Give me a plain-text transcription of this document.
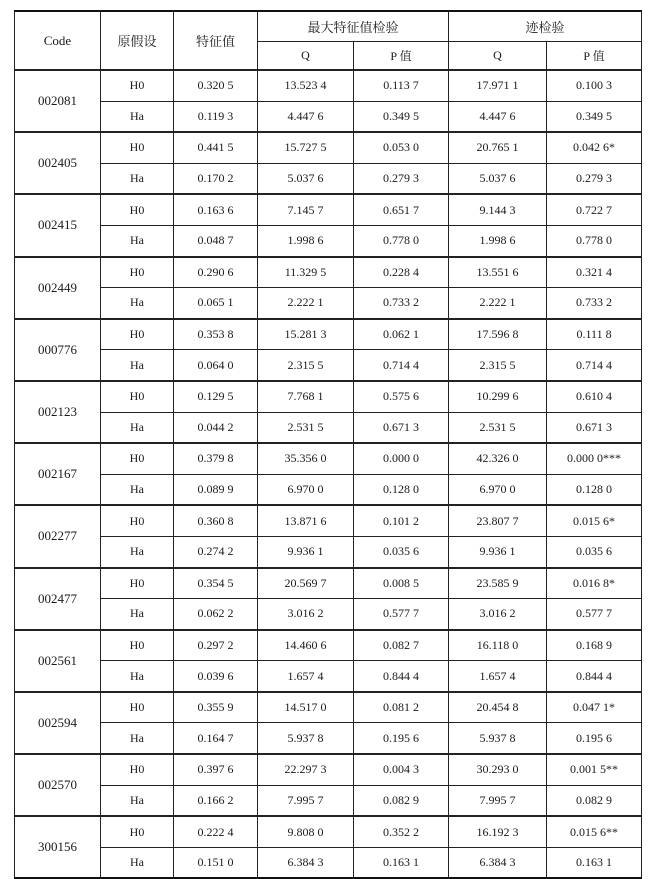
Code	原假设	特征值	最大特征值检验		迹检验	
			Q	P 值	Q	P 值
002081	H0	0.320 5	13.523 4	0.113 7	17.971 1	0.100 3
	Ha	0.119 3	4.447 6	0.349 5	4.447 6	0.349 5
002405	H0	0.441 5	15.727 5	0.053 0	20.765 1	0.042 6*
	Ha	0.170 2	5.037 6	0.279 3	5.037 6	0.279 3
002415	H0	0.163 6	7.145 7	0.651 7	9.144 3	0.722 7
	Ha	0.048 7	1.998 6	0.778 0	1.998 6	0.778 0
002449	H0	0.290 6	11.329 5	0.228 4	13.551 6	0.321 4
	Ha	0.065 1	2.222 1	0.733 2	2.222 1	0.733 2
000776	H0	0.353 8	15.281 3	0.062 1	17.596 8	0.111 8
	Ha	0.064 0	2.315 5	0.714 4	2.315 5	0.714 4
002123	H0	0.129 5	7.768 1	0.575 6	10.299 6	0.610 4
	Ha	0.044 2	2.531 5	0.671 3	2.531 5	0.671 3
002167	H0	0.379 8	35.356 0	0.000 0	42.326 0	0.000 0***
	Ha	0.089 9	6.970 0	0.128 0	6.970 0	0.128 0
002277	H0	0.360 8	13.871 6	0.101 2	23.807 7	0.015 6*
	Ha	0.274 2	9.936 1	0.035 6	9.936 1	0.035 6
002477	H0	0.354 5	20.569 7	0.008 5	23.585 9	0.016 8*
	Ha	0.062 2	3.016 2	0.577 7	3.016 2	0.577 7
002561	H0	0.297 2	14.460 6	0.082 7	16.118 0	0.168 9
	Ha	0.039 6	1.657 4	0.844 4	1.657 4	0.844 4
002594	H0	0.355 9	14.517 0	0.081 2	20.454 8	0.047 1*
	Ha	0.164 7	5.937 8	0.195 6	5.937 8	0.195 6
002570	H0	0.397 6	22.297 3	0.004 3	30.293 0	0.001 5**
	Ha	0.166 2	7.995 7	0.082 9	7.995 7	0.082 9
300156	H0	0.222 4	9.808 0	0.352 2	16.192 3	0.015 6**
	Ha	0.151 0	6.384 3	0.163 1	6.384 3	0.163 1
